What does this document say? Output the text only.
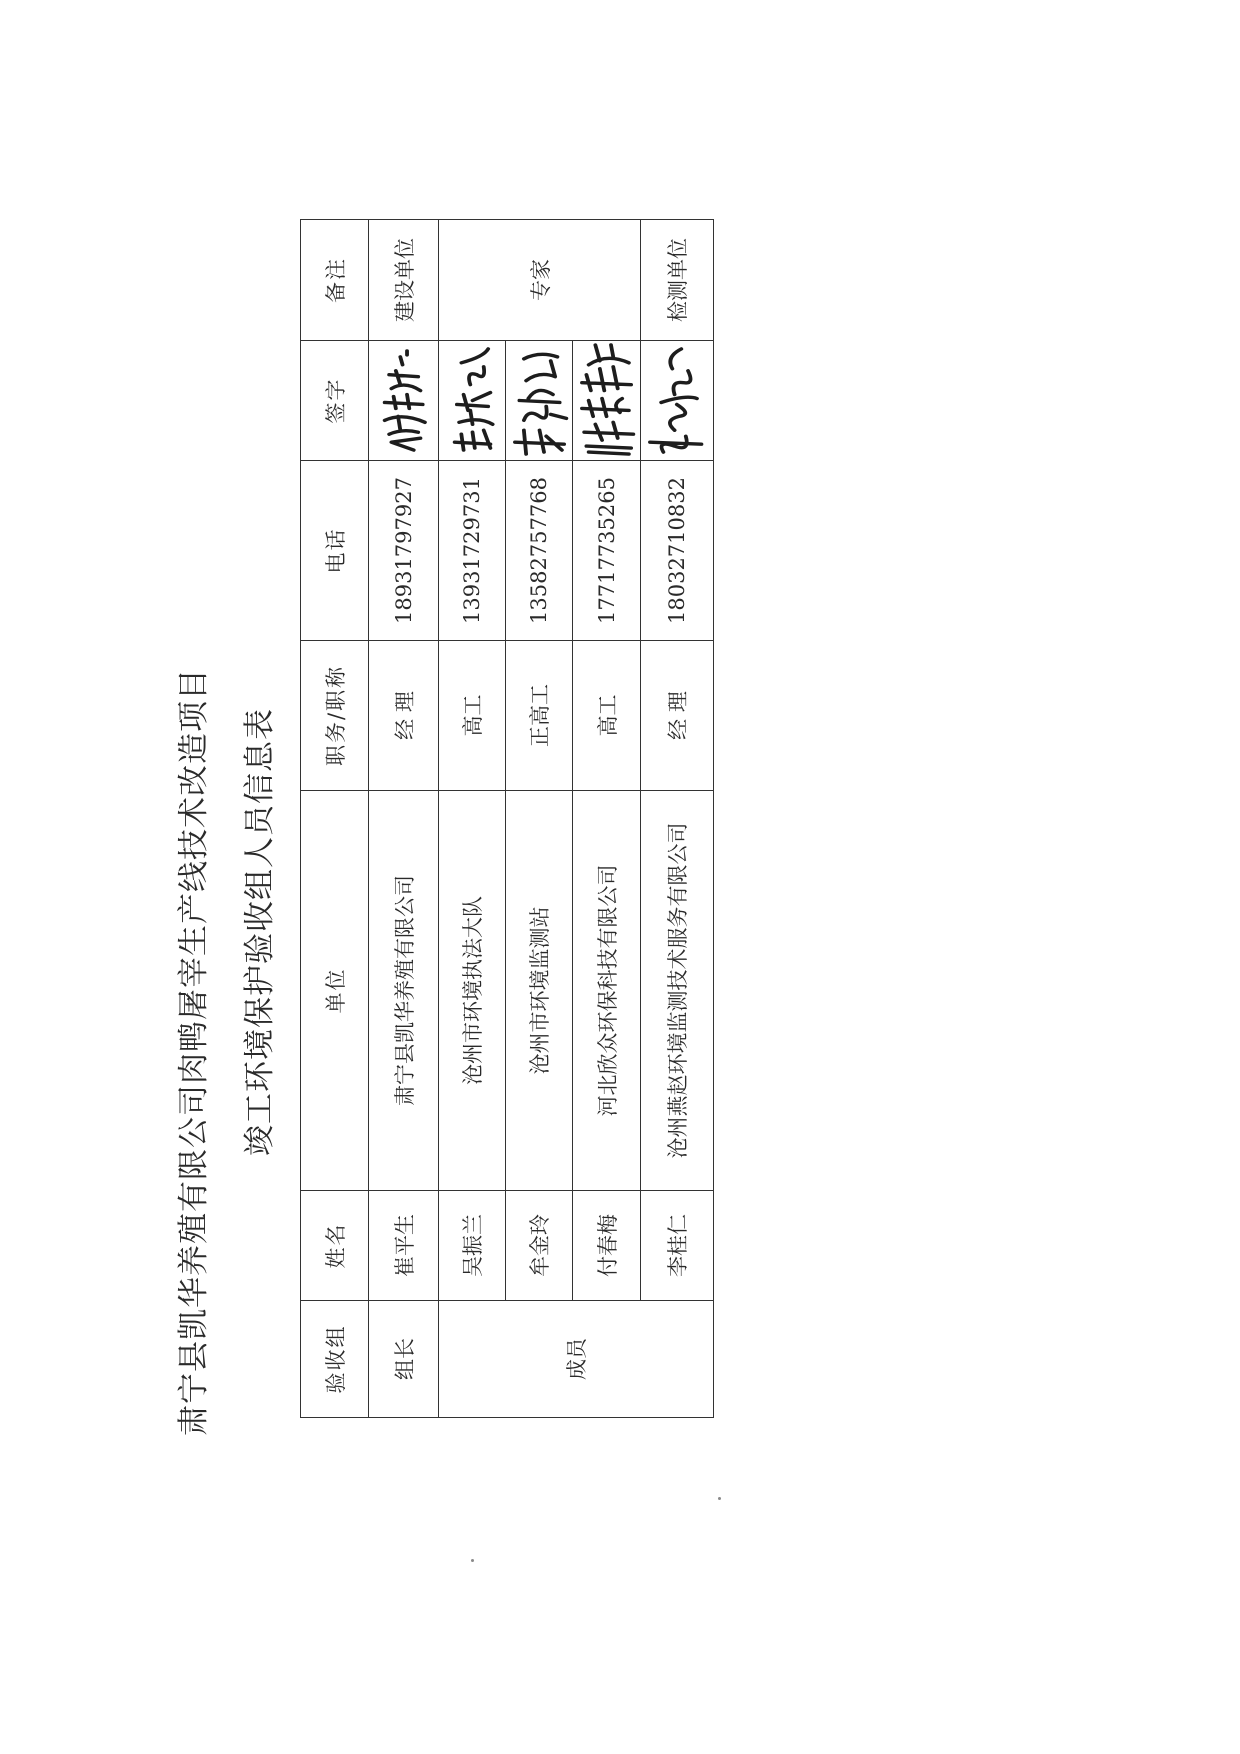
肃宁县凯华养殖有限公司肉鸭屠宰生产线技术改造项目 竣工环境保护验收组人员信息表
验收组	姓名	单位	职务/职称	电话	签字	备注
组长	崔平生	肃宁县凯华养殖有限公司	经 理	18931797927		建设单位
成员	吴振兰	沧州市环境执法大队	高工	13931729731		专家
	牟金玲	沧州市环境监测站	正高工	13582757768	

	付春梅	河北欣众环保科技有限公司	高工	17717735265	

	李桂仁	沧州燕赵环境监测技术服务有限公司	经 理	18032710832		检测单位
